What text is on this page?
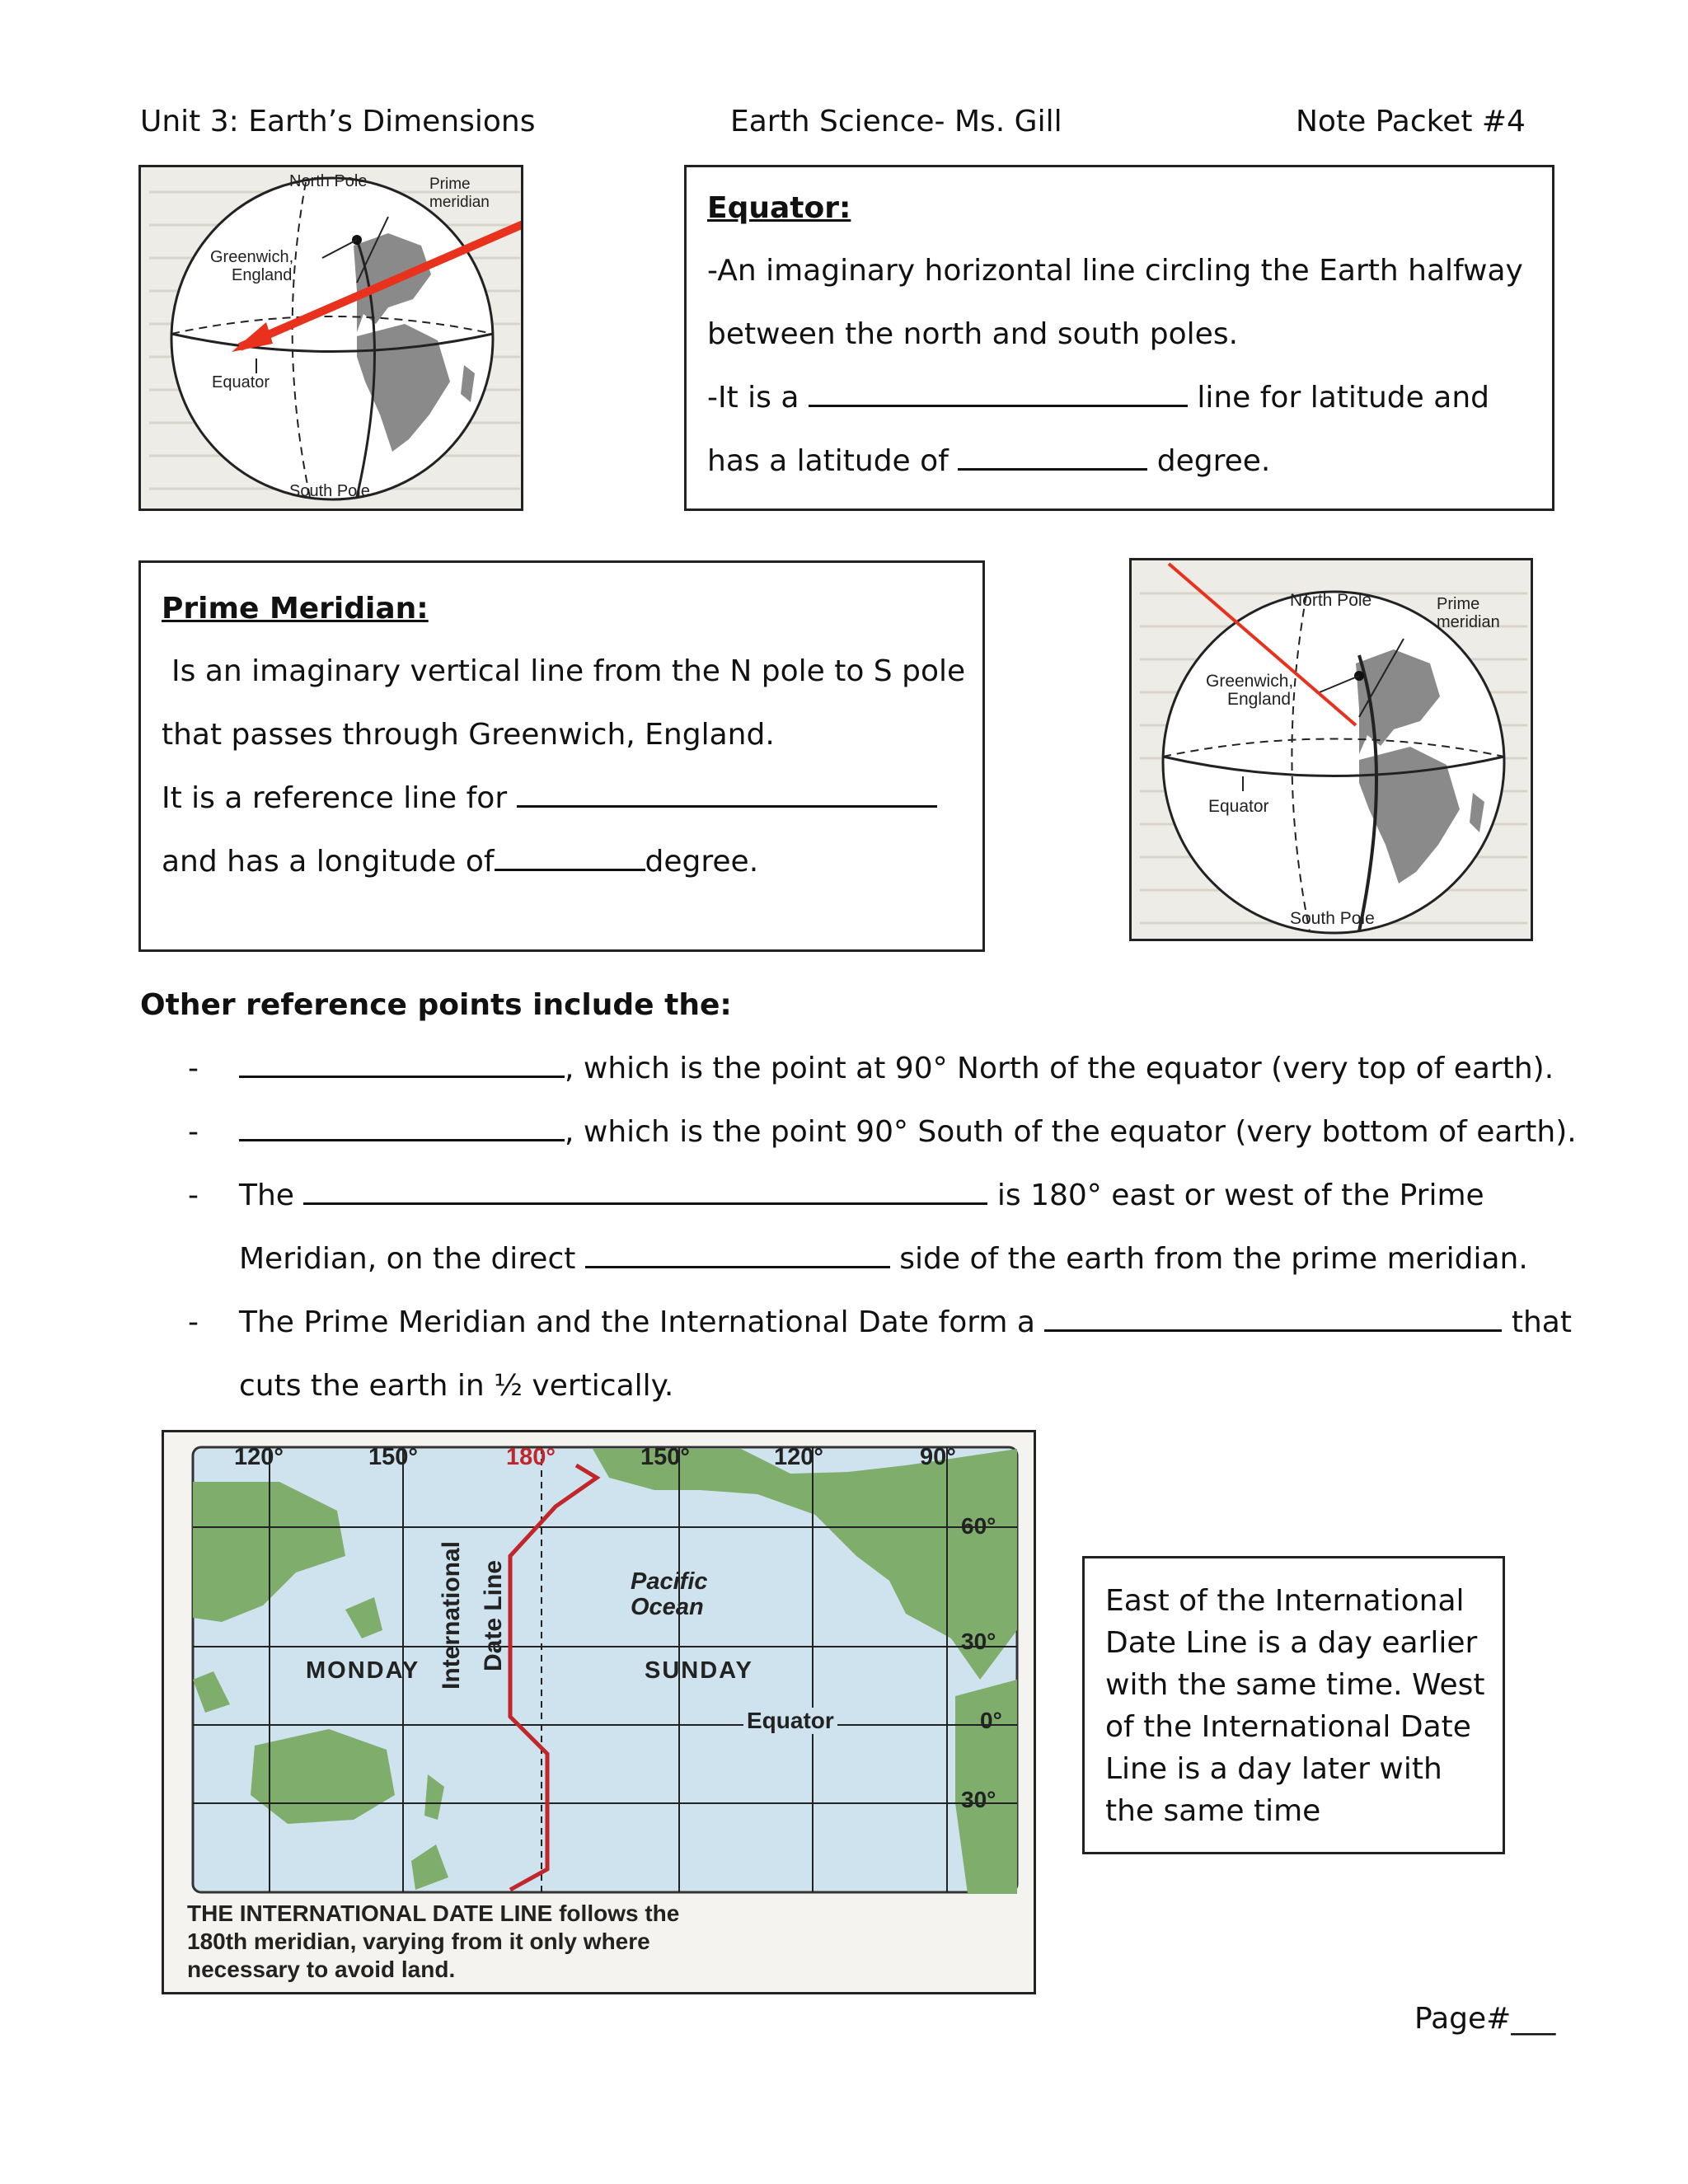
Unit 3: Earth’s Dimensions	Earth Science- Ms. Gill	Note Packet #4
North Pole	Prime
meridian
Greenwich,
England
Equator
South Pole
Equator:
-An imaginary horizontal line circling the Earth halfway
between the north and south poles.
-It is a	line for latitude and
has a latitude of	degree.
Prime Meridian:
Is an imaginary vertical line from the N pole to S pole
that passes through Greenwich, England.
It is a reference line for
and has a longitude of	degree.
North Pole	Prime
meridian
Greenwich,
England
Equator
South Pole
Other reference points include the:
-	, which is the point at 90° North of the equator (very top of earth).
-	, which is the point 90° South of the equator (very bottom of earth).
- The	is 180° east or west of the Prime
Meridian, on the direct	side of the earth from the prime meridian.
- The Prime Meridian and the International Date form a	that
cuts the earth in ½ vertically.
120°	150°	180°	150°	120°	90°
60°
30°
0°
30°
Pacific
Ocean
MONDAY	SUNDAY
Equator
International Date Line
THE INTERNATIONAL DATE LINE follows the
180th meridian, varying from it only where
necessary to avoid land.
East of the International
Date Line is a day earlier
with the same time. West
of the International Date
Line is a day later with
the same time
Page#___
